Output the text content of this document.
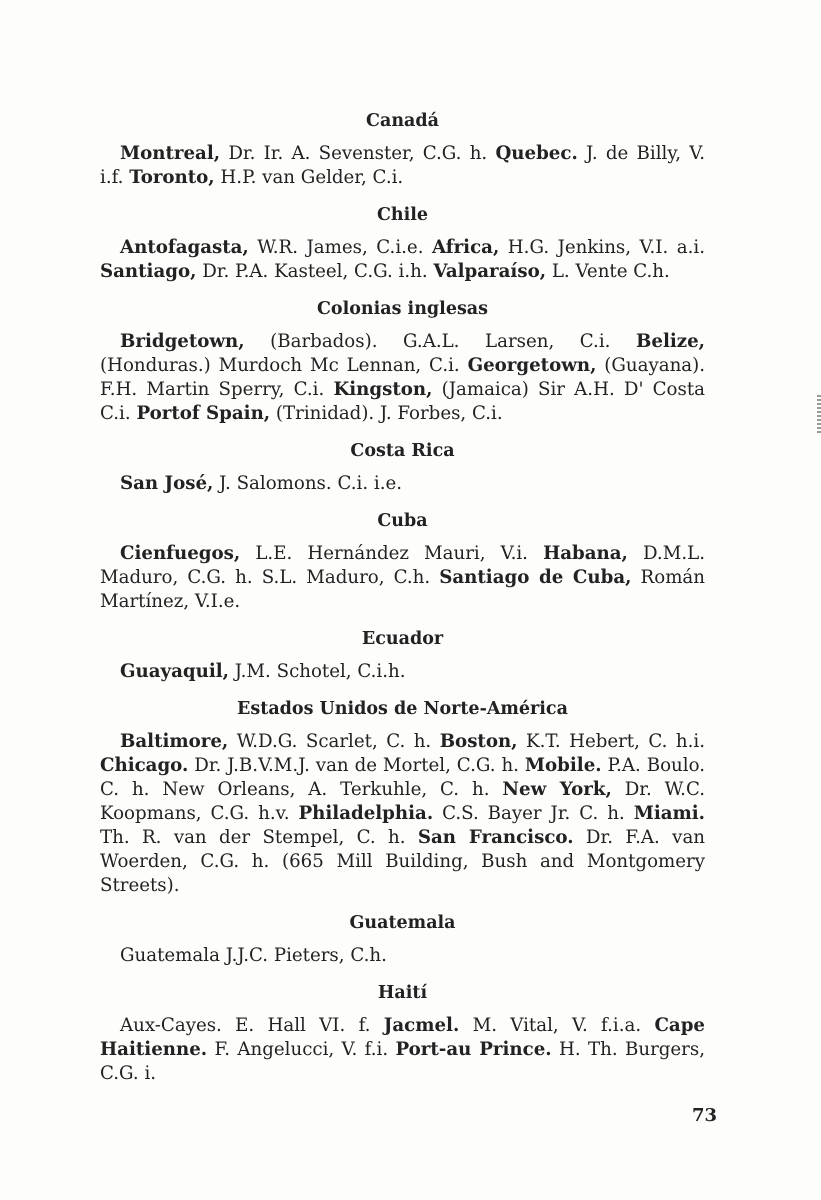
Canadá

Montreal, Dr. Ir. A. Sevenster, C.G. h. Quebec. J. de Billy, V. i.f. Toronto, H.P. van Gelder, C.i.

Chile

Antofagasta, W.R. James, C.i.e. Africa, H.G. Jenkins, V.I. a.i. Santiago, Dr. P.A. Kasteel, C.G. i.h. Valparaíso, L. Vente C.h.

Colonias inglesas

Bridgetown, (Barbados). G.A.L. Larsen, C.i. Belize, (Honduras.) Murdoch Mc Lennan, C.i. Georgetown, (Guayana). F.H. Martin Sperry, C.i. Kingston, (Jamaica) Sir A.H. D' Costa C.i. Portof Spain, (Trinidad). J. Forbes, C.i.

Costa Rica

San José, J. Salomons. C.i. i.e.

Cuba

Cienfuegos, L.E. Hernández Mauri, V.i. Habana, D.M.L. Maduro, C.G. h. S.L. Maduro, C.h. Santiago de Cuba, Román Martínez, V.I.e.

Ecuador

Guayaquil, J.M. Schotel, C.i.h.

Estados Unidos de Norte-América

Baltimore, W.D.G. Scarlet, C. h. Boston, K.T. Hebert, C. h.i. Chicago. Dr. J.B.V.M.J. van de Mortel, C.G. h. Mobile. P.A. Boulo. C. h. New Orleans, A. Terkuhle, C. h. New York, Dr. W.C. Koopmans, C.G. h.v. Philadelphia. C.S. Bayer Jr. C. h. Miami. Th. R. van der Stempel, C. h. San Francisco. Dr. F.A. van Woerden, C.G. h. (665 Mill Building, Bush and Montgomery Streets).

Guatemala

Guatemala J.J.C. Pieters, C.h.

Haití

Aux-Cayes. E. Hall VI. f. Jacmel. M. Vital, V. f.i.a. Cape Haitienne. F. Angelucci, V. f.i. Port-au Prince. H. Th. Burgers, C.G. i.

73
